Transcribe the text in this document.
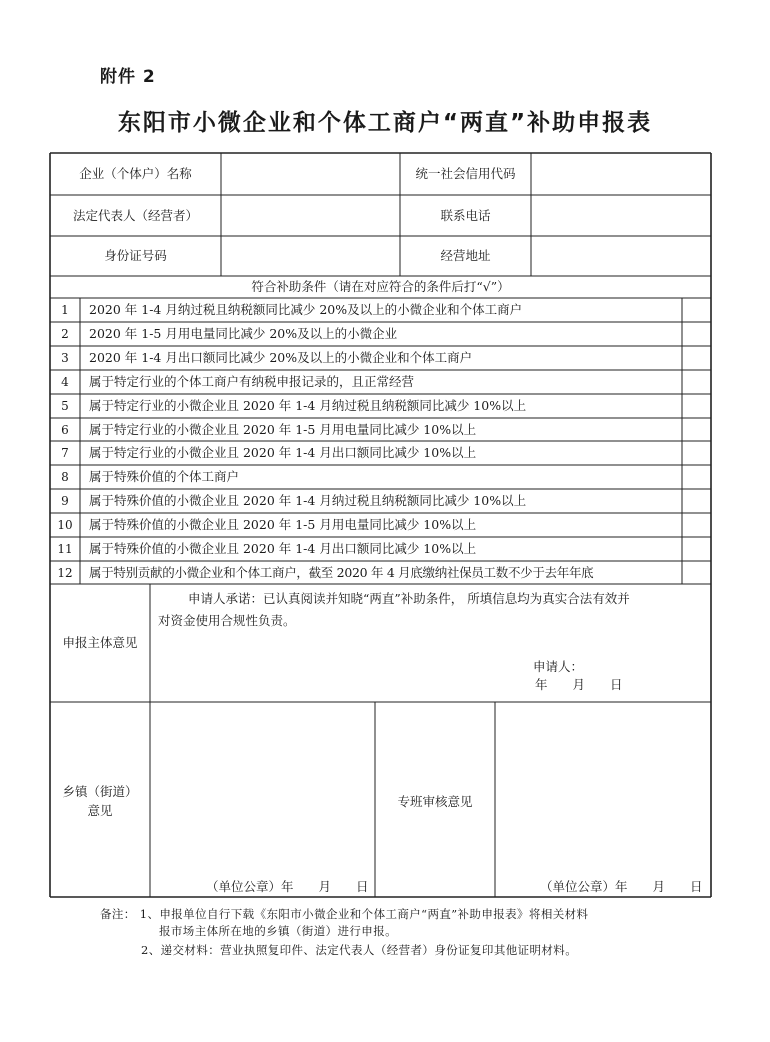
附件 2
东阳市小微企业和个体工商户“两直”补助申报表
企业（个体户）名称	统一社会信用代码
法定代表人（经营者）	联系电话
身份证号码	经营地址
符合补助条件（请在对应符合的条件后打“√”）
1	2020 年 1-4 月纳过税且纳税额同比减少 20%及以上的小微企业和个体工商户
2	2020 年 1-5 月用电量同比减少 20%及以上的小微企业
3	2020 年 1-4 月出口额同比减少 20%及以上的小微企业和个体工商户
4	属于特定行业的个体工商户有纳税申报记录的，且正常经营
5	属于特定行业的小微企业且 2020 年 1-4 月纳过税且纳税额同比减少 10%以上
6	属于特定行业的小微企业且 2020 年 1-5 月用电量同比减少 10%以上
7	属于特定行业的小微企业且 2020 年 1-4 月出口额同比减少 10%以上
8	属于特殊价值的个体工商户
9	属于特殊价值的小微企业且 2020 年 1-4 月纳过税且纳税额同比减少 10%以上
10	属于特殊价值的小微企业且 2020 年 1-5 月用电量同比减少 10%以上
11	属于特殊价值的小微企业且 2020 年 1-4 月出口额同比减少 10%以上
12	属于特别贡献的小微企业和个体工商户，截至 2020 年 4 月底缴纳社保员工数不少于去年年底
申报主体意见
申请人承诺：已认真阅读并知晓“两直”补助条件， 所填信息均为真实合法有效并
对资金使用合规性负责。
申请人：
年　　月　　日
乡镇（街道）
意见
（单位公章）年　　月　　日
专班审核意见
（单位公章）年　　月　　日
备注： 1、申报单位自行下载《东阳市小微企业和个体工商户“两直”补助申报表》将相关材料
报市场主体所在地的乡镇（街道）进行申报。
2、递交材料：营业执照复印件、法定代表人（经营者）身份证复印其他证明材料。
